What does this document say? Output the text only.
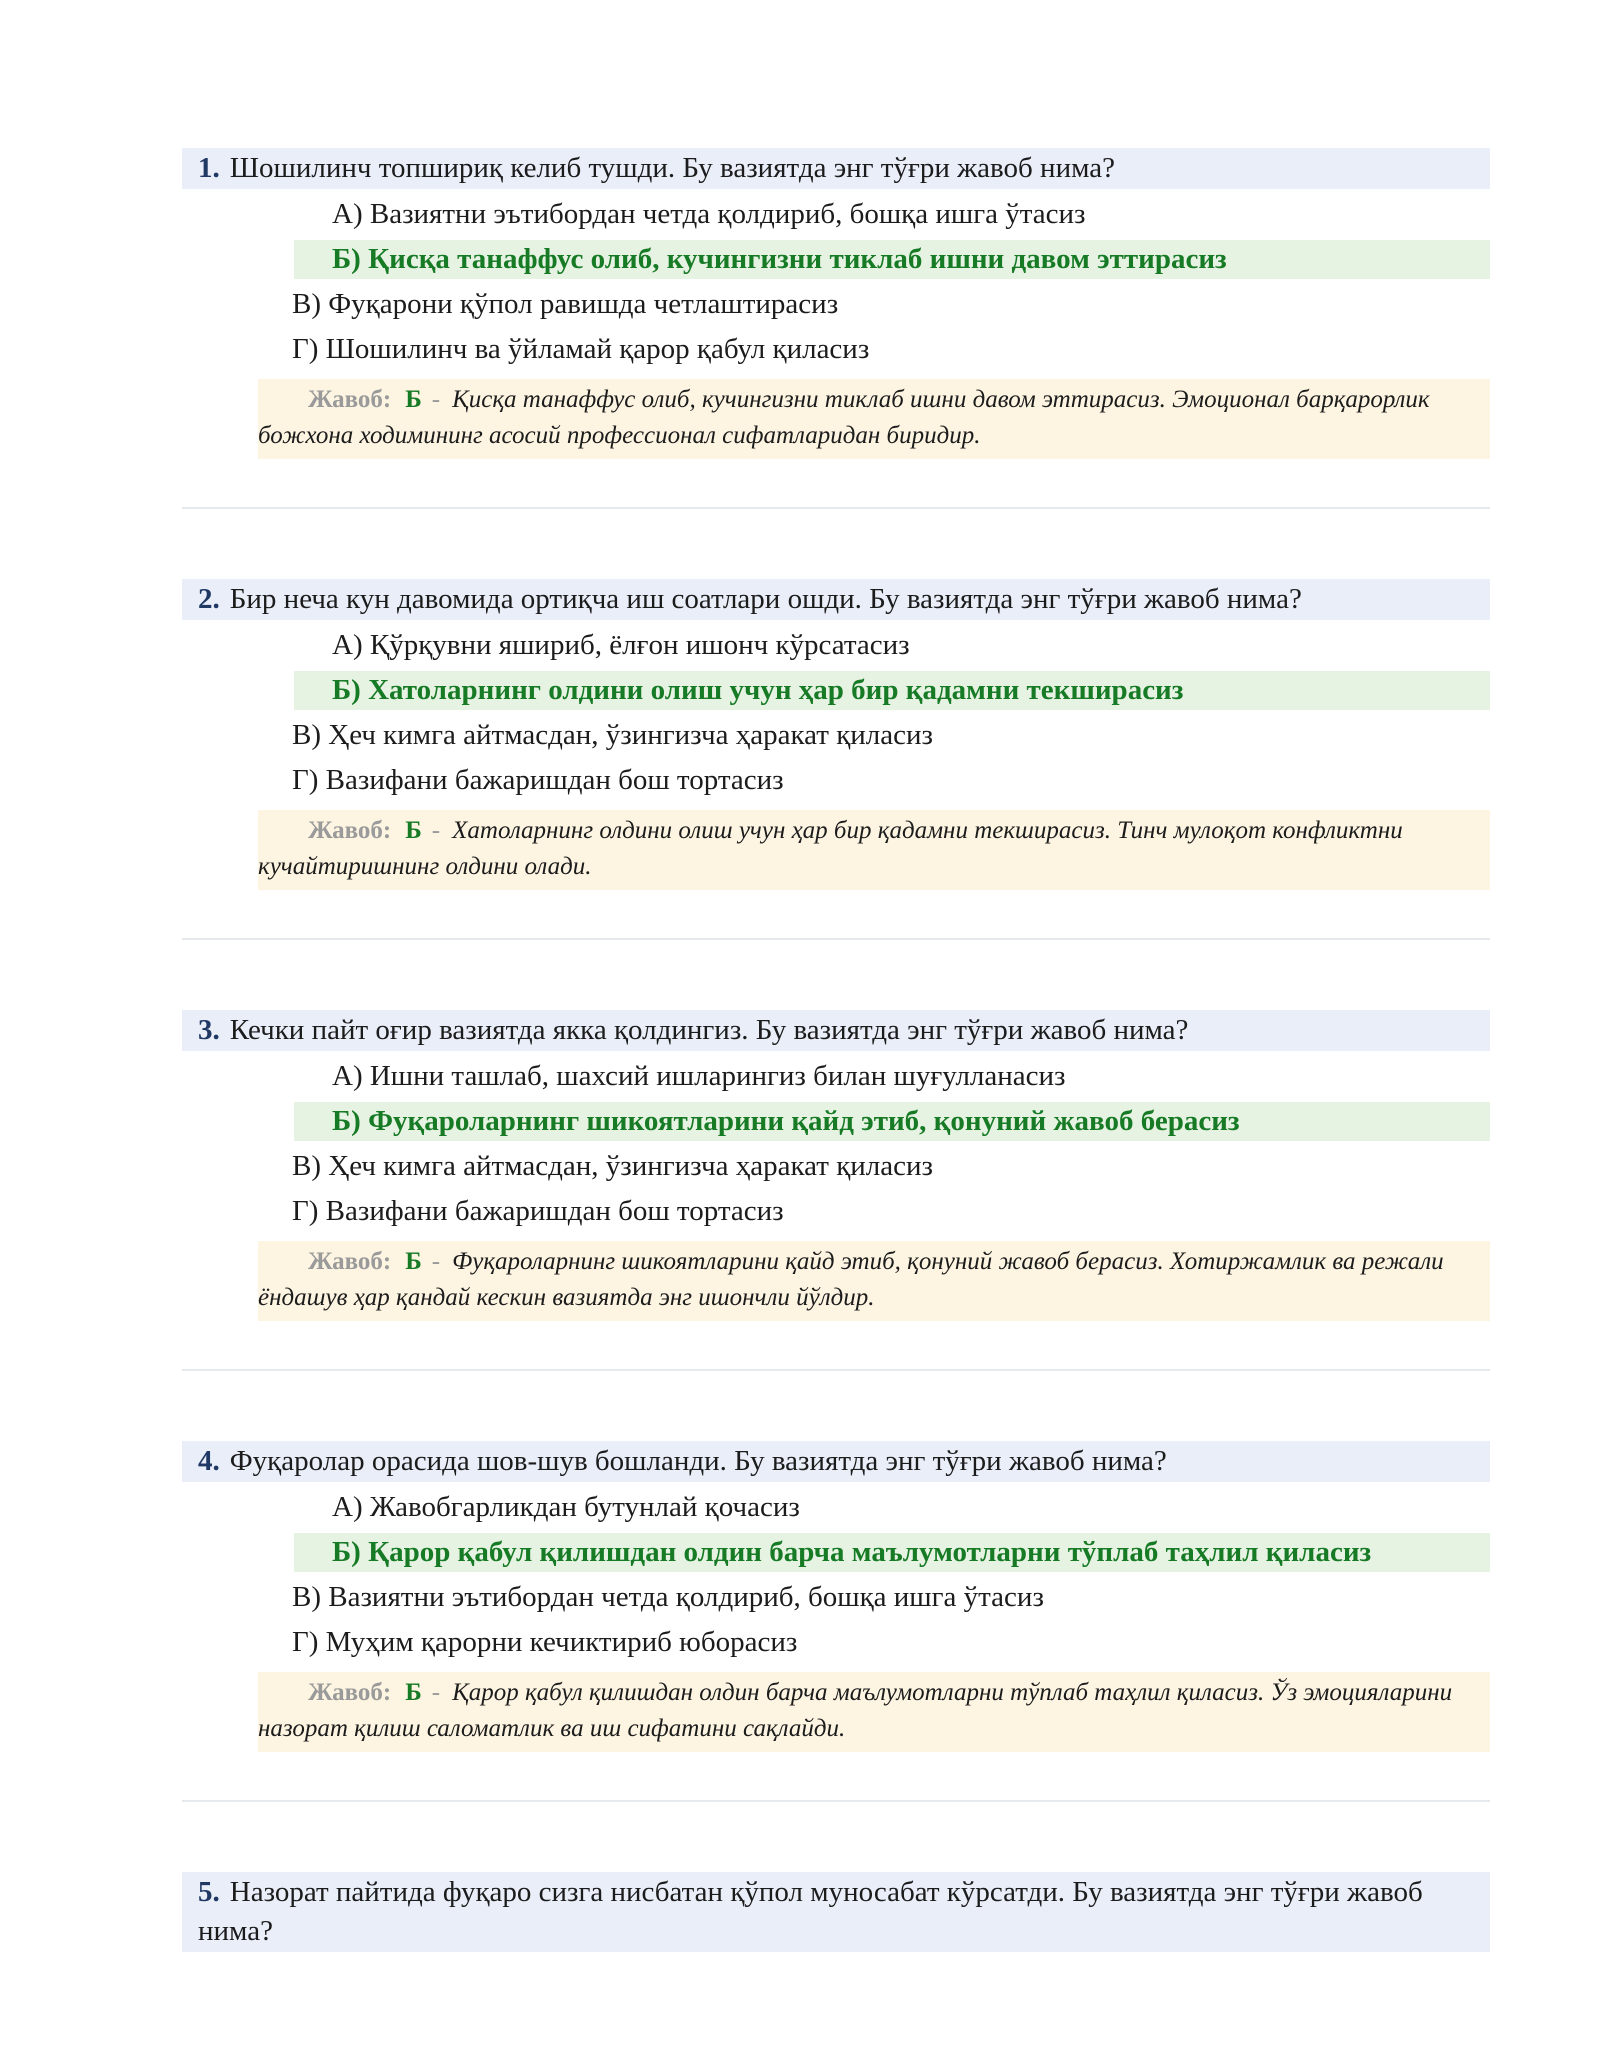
1. Шошилинч топшириқ келиб тушди. Бу вазиятда энг тўғри жавоб нима?
А) Вазиятни эътибордан четда қолдириб, бошқа ишга ўтасиз
Б) Қисқа танаффус олиб, кучингизни тиклаб ишни давом эттирасиз
В) Фуқарони қўпол равишда четлаштирасиз
Г) Шошилинч ва ўйламай қарор қабул қиласиз
Жавоб: Б - Қисқа танаффус олиб, кучингизни тиклаб ишни давом эттирасиз. Эмоционал барқарорлик божхона ходимининг асосий профессионал сифатларидан биридир.
2. Бир неча кун давомида ортиқча иш соатлари ошди. Бу вазиятда энг тўғри жавоб нима?
А) Қўрқувни яшириб, ёлғон ишонч кўрсатасиз
Б) Хатоларнинг олдини олиш учун ҳар бир қадамни текширасиз
В) Ҳеч кимга айтмасдан, ўзингизча ҳаракат қиласиз
Г) Вазифани бажаришдан бош тортасиз
Жавоб: Б - Хатоларнинг олдини олиш учун ҳар бир қадамни текширасиз. Тинч мулоқот конфликтни кучайтиришнинг олдини олади.
3. Кечки пайт оғир вазиятда якка қолдингиз. Бу вазиятда энг тўғри жавоб нима?
А) Ишни ташлаб, шахсий ишларингиз билан шуғулланасиз
Б) Фуқароларнинг шикоятларини қайд этиб, қонуний жавоб берасиз
В) Ҳеч кимга айтмасдан, ўзингизча ҳаракат қиласиз
Г) Вазифани бажаришдан бош тортасиз
Жавоб: Б - Фуқароларнинг шикоятларини қайд этиб, қонуний жавоб берасиз. Хотиржамлик ва режали ёндашув ҳар қандай кескин вазиятда энг ишончли йўлдир.
4. Фуқаролар орасида шов-шув бошланди. Бу вазиятда энг тўғри жавоб нима?
А) Жавобгарликдан бутунлай қочасиз
Б) Қарор қабул қилишдан олдин барча маълумотларни тўплаб таҳлил қиласиз
В) Вазиятни эътибордан четда қолдириб, бошқа ишга ўтасиз
Г) Муҳим қарорни кечиктириб юборасиз
Жавоб: Б - Қарор қабул қилишдан олдин барча маълумотларни тўплаб таҳлил қиласиз. Ўз эмоцияларини назорат қилиш саломатлик ва иш сифатини сақлайди.
5. Назорат пайтида фуқаро сизга нисбатан қўпол муносабат кўрсатди. Бу вазиятда энг тўғри жавоб нима?
